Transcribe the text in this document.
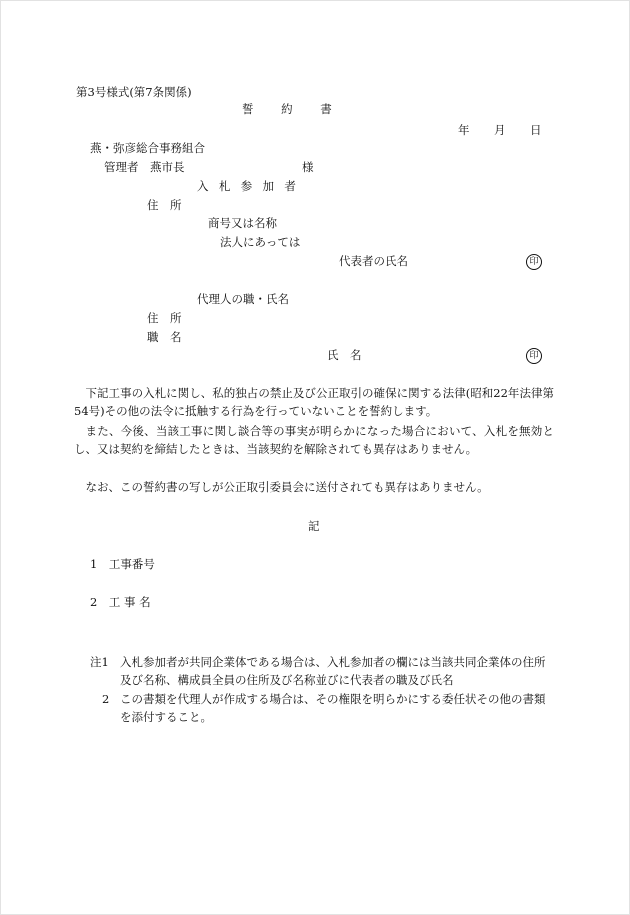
第3号様式(第7条関係)
誓約書
年 月 日
燕・弥彦総合事務組合
管理者　燕市長	様
入札参加者
住　所
商号又は名称
法人にあっては
代表者の氏名	印
代理人の職・氏名
住　所
職　名
氏　名	印
下記工事の入札に関し、私的独占の禁止及び公正取引の確保に関する法律(昭和22年法律第54号)その他の法令に抵触する行為を行っていないことを誓約します。
また、今後、当該工事に関し談合等の事実が明らかになった場合において、入札を無効とし、又は契約を締結したときは、当該契約を解除されても異存はありません。
なお、この誓約書の写しが公正取引委員会に送付されても異存はありません。
記
1　工事番号
2　工 事 名
注1 入札参加者が共同企業体である場合は、入札参加者の欄には当該共同企業体の住所及び名称、構成員全員の住所及び名称並びに代表者の職及び氏名
2 この書類を代理人が作成する場合は、その権限を明らかにする委任状その他の書類を添付すること。
